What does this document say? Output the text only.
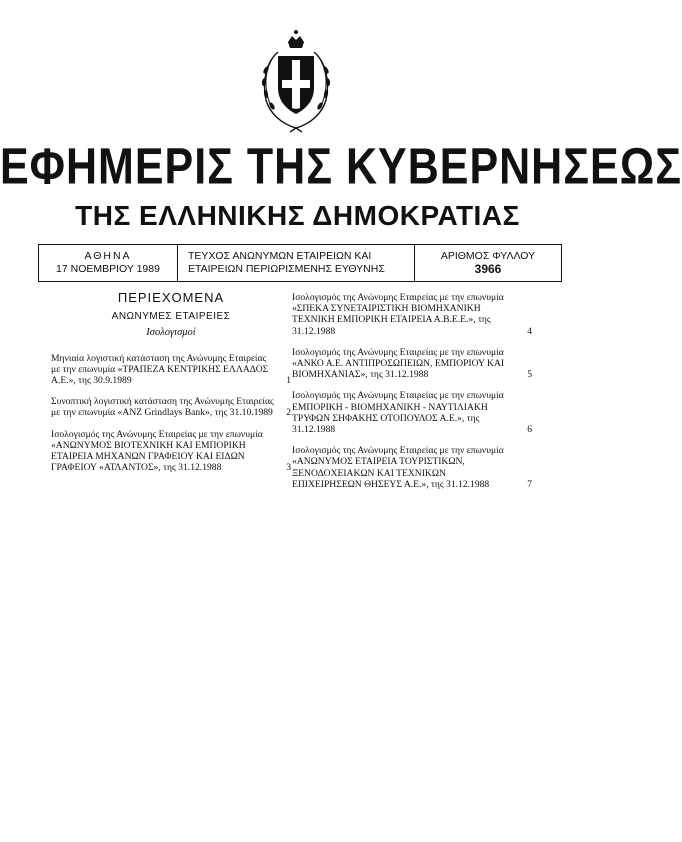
ΕΦΗΜΕΡΙΣ ΤΗΣ ΚΥΒΕΡΝΗΣΕΩΣ
ΤΗΣ ΕΛΛΗΝΙΚΗΣ ΔΗΜΟΚΡΑΤΙΑΣ
ΑΘΗΝΑ
17 ΝΟΕΜΒΡΙΟΥ 1989
ΤΕΥΧΟΣ ΑΝΩΝΥΜΩΝ ΕΤΑΙΡΕΙΩΝ ΚΑΙ
ΕΤΑΙΡΕΙΩΝ ΠΕΡΙΩΡΙΣΜΕΝΗΣ ΕΥΘΥΝΗΣ
ΑΡΙΘΜΟΣ ΦΥΛΛΟΥ
3966
ΠΕΡΙΕΧΟΜΕΝΑ
ΑΝΩΝΥΜΕΣ ΕΤΑΙΡΕΙΕΣ
Ισολογισμοί
Μηνιαία λογιστική κατάσταση της Ανώνυμης Εταιρείας με την επωνυμία «ΤΡΑΠΕΖΑ ΚΕΝΤΡΙΚΗΣ ΕΛΛΑΔΟΣ Α.Ε.», της 30.9.1989	1
Συνοπτική λογιστική κατάσταση της Ανώνυμης Εταιρείας με την επωνυμία «ANZ Grindlays Bank», της 31.10.1989 2
Ισολογισμός της Ανώνυμης Εταιρείας με την επωνυμία «ΑΝΩΝΥΜΟΣ ΒΙΟΤΕΧΝΙΚΗ ΚΑΙ ΕΜΠΟΡΙΚΗ ΕΤΑΙΡΕΙΑ ΜΗΧΑΝΩΝ ΓΡΑΦΕΙΟΥ ΚΑΙ ΕΙΔΩΝ ΓΡΑΦΕΙΟΥ «ΑΤΛΑΝΤΟΣ», της 31.12.1988	3
Ισολογισμός της Ανώνυμης Εταιρείας με την επωνυμία «ΣΠΕΚΑ ΣΥΝΕΤΑΙΡΙΣΤΙΚΗ ΒΙΟΜΗΧΑΝΙΚΗ ΤΕΧΝΙΚΗ ΕΜΠΟΡΙΚΗ ΕΤΑΙΡΕΙΑ Α.Β.Ε.Ε.», της 31.12.1988	4
Ισολογισμός της Ανώνυμης Εταιρείας με την επωνυμία «ΑΝΚΟ Α.Ε. ΑΝΤΙΠΡΟΣΩΠΕΙΩΝ, ΕΜΠΟΡΙΟΥ ΚΑΙ ΒΙΟΜΗΧΑΝΙΑΣ», της 31.12.1988	5
Ισολογισμός της Ανώνυμης Εταιρείας με την επωνυμία ΕΜΠΟΡΙΚΗ - ΒΙΟΜΗΧΑΝΙΚΗ - ΝΑΥΤΙΛΙΑΚΗ ΤΡΥΦΩΝ ΣΗΦΑΚΗΣ ΟΤΟΠΟΥΛΟΣ Α.Ε.», της 31.12.1988	6
Ισολογισμός της Ανώνυμης Εταιρείας με την επωνυμία «ΑΝΩΝΥΜΟΣ ΕΤΑΙΡΕΙΑ ΤΟΥΡΙΣΤΙΚΩΝ, ΞΕΝΟΔΟΧΕΙΑΚΩΝ ΚΑΙ ΤΕΧΝΙΚΩΝ ΕΠΙΧΕΙΡΗΣΕΩΝ ΘΗΣΕΥΣ Α.Ε.», της 31.12.1988	7
